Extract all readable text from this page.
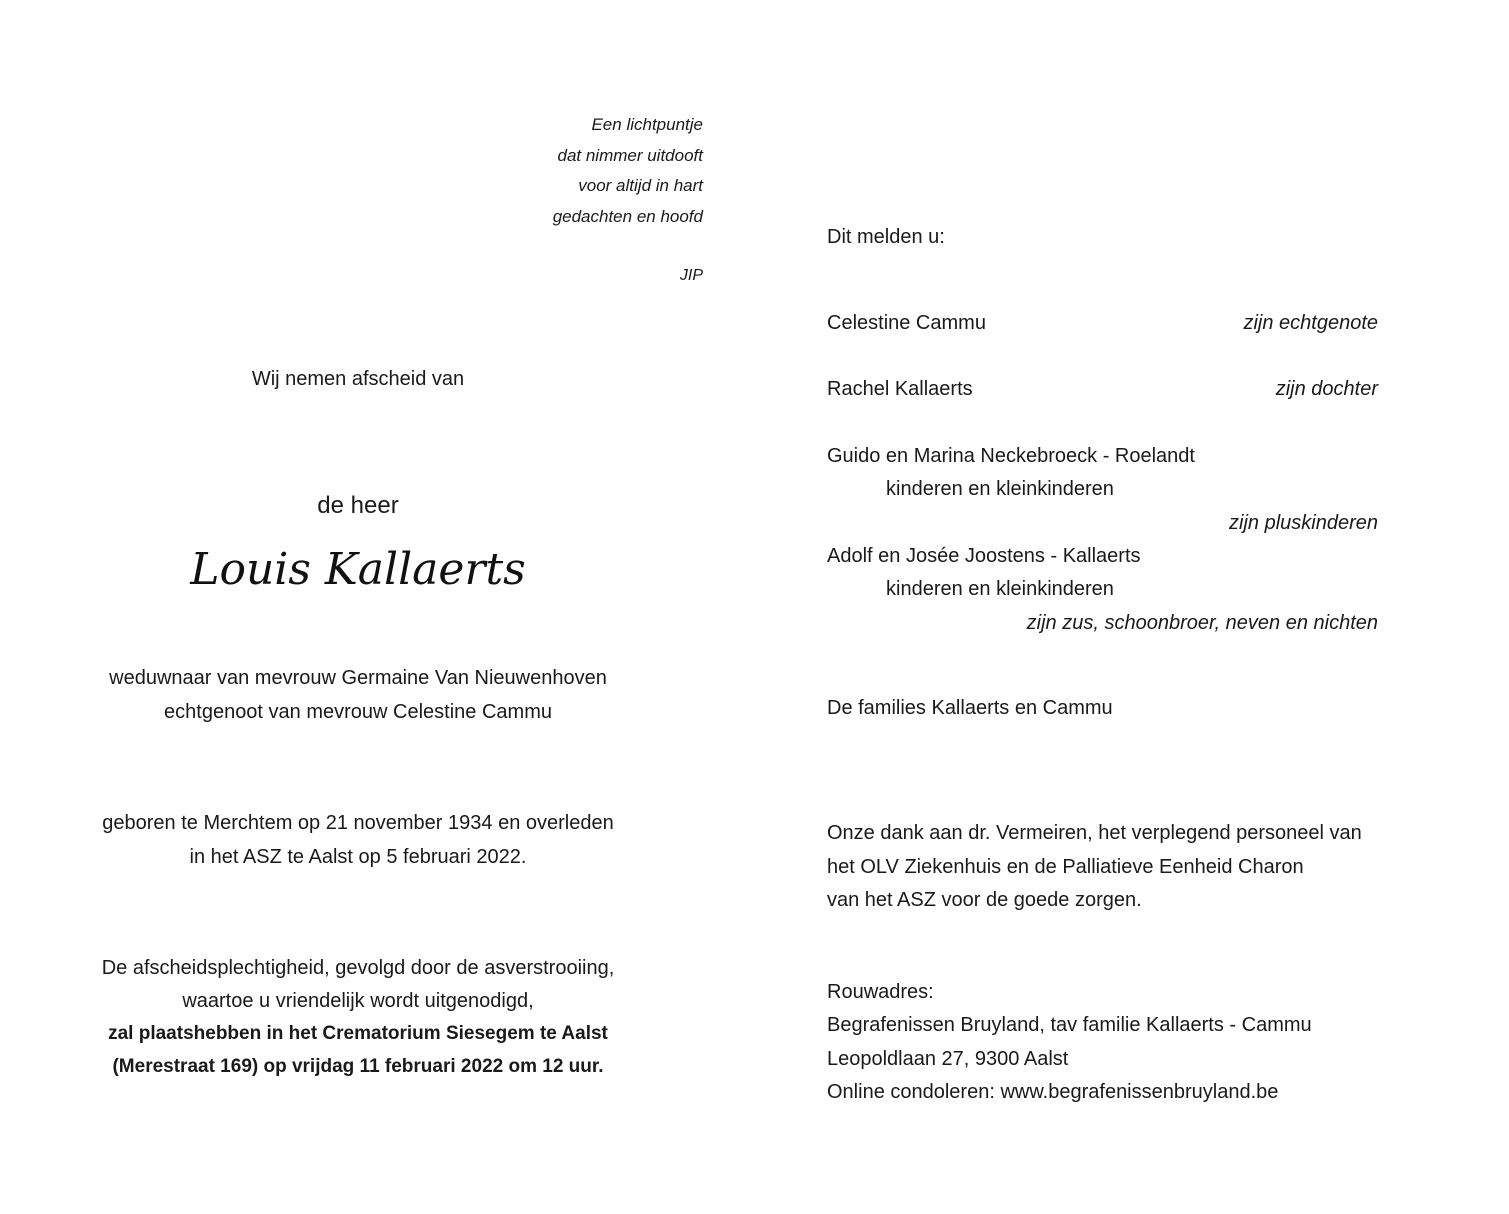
Een lichtpuntje
dat nimmer uitdooft
voor altijd in hart
gedachten en hoofd
JIP
Wij nemen afscheid van
de heer
Louis Kallaerts
weduwnaar van mevrouw Germaine Van Nieuwenhoven
echtgenoot van mevrouw Celestine Cammu
geboren te Merchtem op 21 november 1934 en overleden
in het ASZ te Aalst op 5 februari 2022.
De afscheidsplechtigheid, gevolgd door de asverstrooiing,
waartoe u vriendelijk wordt uitgenodigd,
zal plaatshebben in het Crematorium Siesegem te Aalst
(Merestraat 169) op vrijdag 11 februari 2022 om 12 uur.
Dit melden u:
Celestine Cammu	zijn echtgenote
Rachel Kallaerts	zijn dochter
Guido en Marina Neckebroeck - Roelandt
kinderen en kleinkinderen
zijn pluskinderen
Adolf en Josée Joostens - Kallaerts
kinderen en kleinkinderen
zijn zus, schoonbroer, neven en nichten
De families Kallaerts en Cammu
Onze dank aan dr. Vermeiren, het verplegend personeel van
het OLV Ziekenhuis en de Palliatieve Eenheid Charon
van het ASZ voor de goede zorgen.
Rouwadres:
Begrafenissen Bruyland, tav familie Kallaerts - Cammu
Leopoldlaan 27, 9300 Aalst
Online condoleren: www.begrafenissenbruyland.be
